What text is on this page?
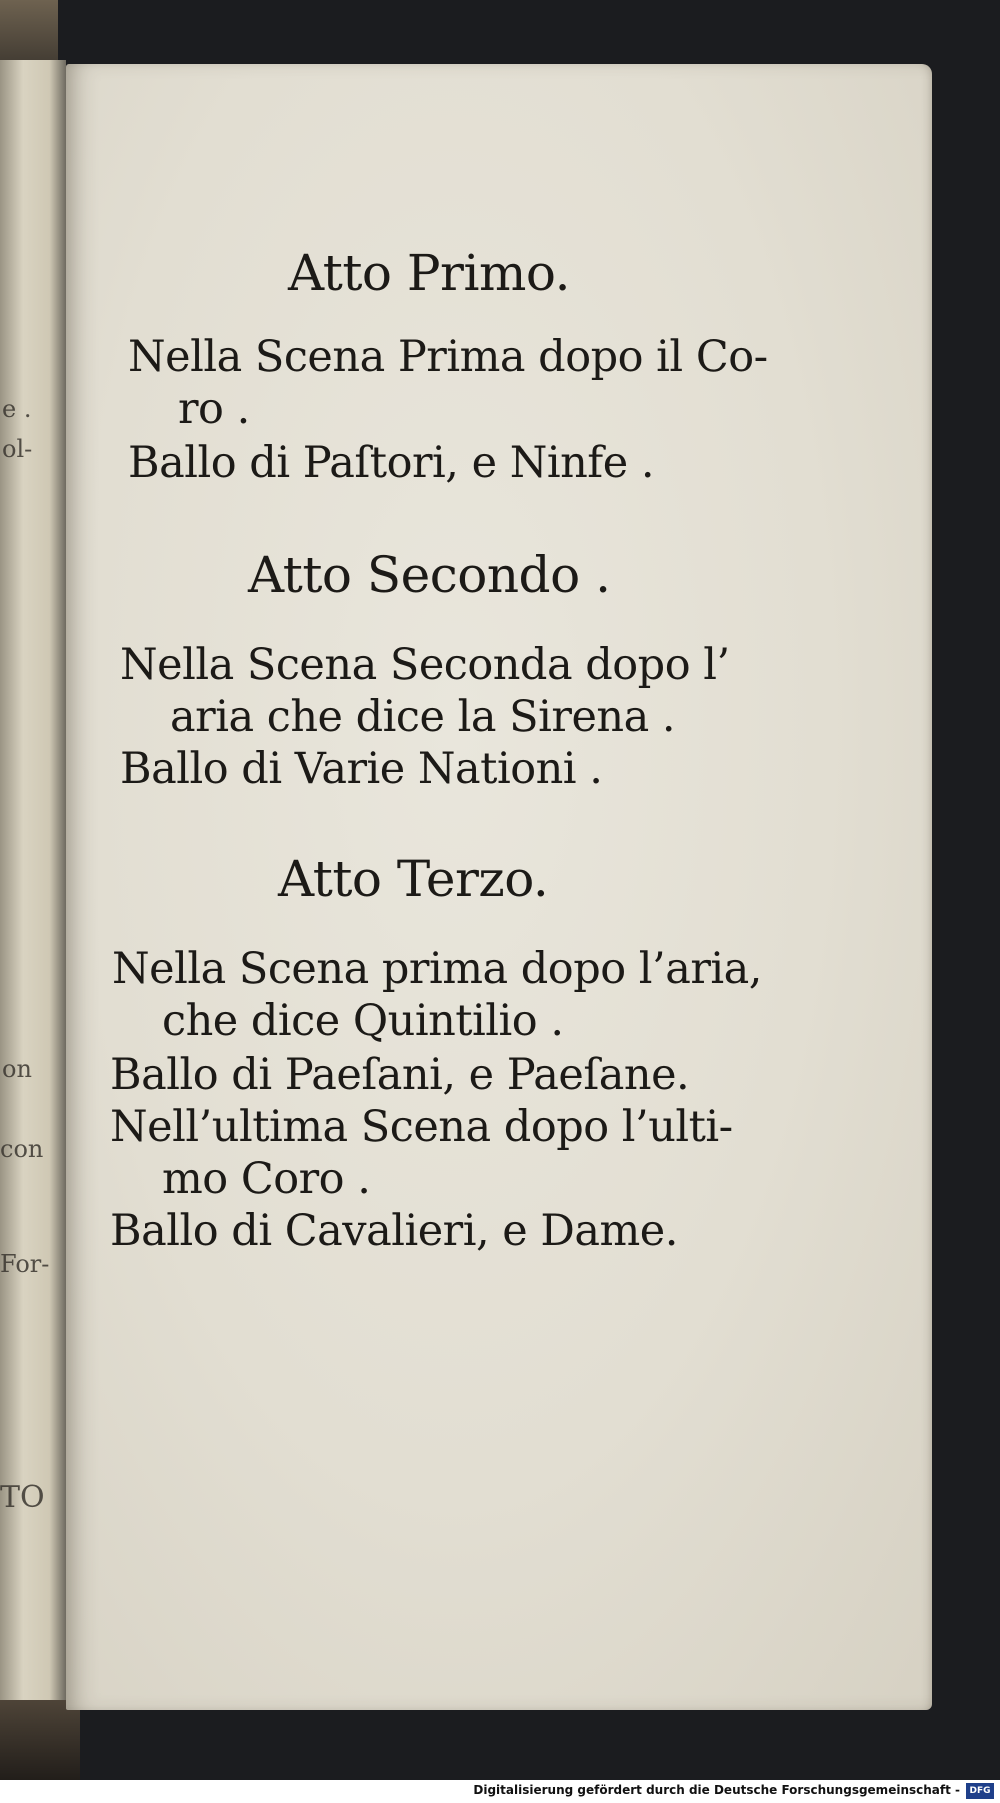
e .
ol-
on
con
For-
TO

Atto Primo.

Nella Scena Prima dopo il Co-

ro .

Ballo di Paſtori, e Ninfe .

Atto Secondo .

Nella Scena Seconda dopo l’

aria che dice la Sirena .

Ballo di Varie Nationi .

Atto Terzo.

Nella Scena prima dopo l’aria,

che dice Quintilio .

Ballo di Paeſani, e Paeſane.

Nell’ultima Scena dopo l’ulti-

mo Coro .

Ballo di Cavalieri, e Dame.

Digitalisierung gefördert durch die Deutsche Forschungsgemeinschaft -	DFG
